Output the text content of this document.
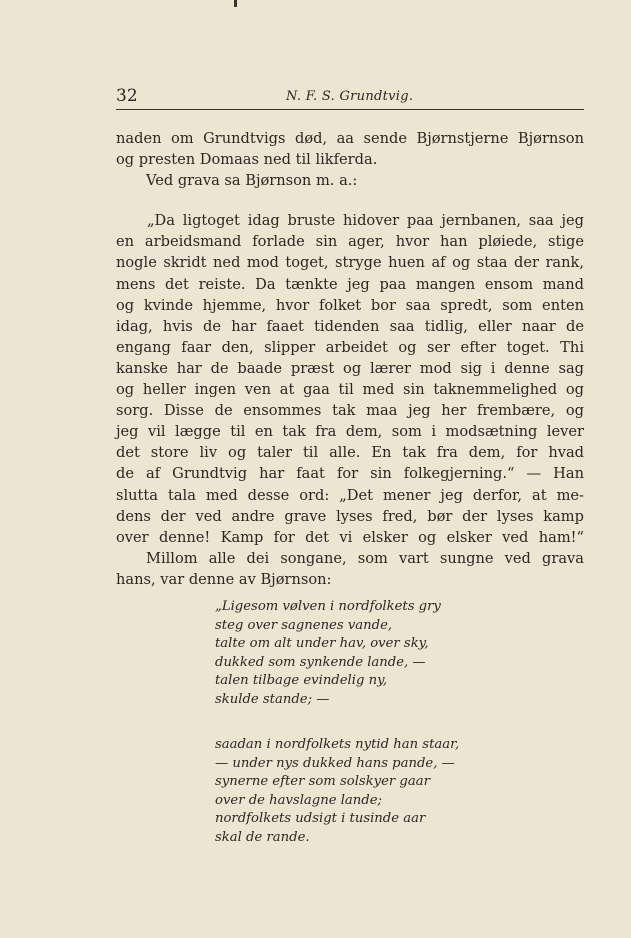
32	N. F. S. Grundtvig.
naden om Grundtvigs død, aa sende Bjørnstjerne Bjørnson
og presten Domaas ned til likferda.
Ved grava sa Bjørnson m. a.:
„Da ligtoget idag bruste hidover paa jernbanen, saa jeg
en arbeidsmand forlade sin ager, hvor han pløiede, stige
nogle skridt ned mod toget, stryge huen af og staa der rank,
mens det reiste. Da tænkte jeg paa mangen ensom mand
og kvinde hjemme, hvor folket bor saa spredt, som enten
idag, hvis de har faaet tidenden saa tidlig, eller naar de
engang faar den, slipper arbeidet og ser efter toget. Thi
kanske har de baade præst og lærer mod sig i denne sag
og heller ingen ven at gaa til med sin taknemmelighed og
sorg. Disse de ensommes tak maa jeg her frembære, og
jeg vil lægge til en tak fra dem, som i modsætning lever
det store liv og taler til alle. En tak fra dem, for hvad
de af Grundtvig har faat for sin folkegjerning.“ — Han
slutta tala med desse ord: „Det mener jeg derfor, at me-
dens der ved andre grave lyses fred, bør der lyses kamp
over denne! Kamp for det vi elsker og elsker ved ham!“
Millom alle dei songane, som vart sungne ved grava
hans, var denne av Bjørnson:
„Ligesom vølven i nordfolkets gry
steg over sagnenes vande,
talte om alt under hav, over sky,
dukked som synkende lande, —
talen tilbage evindelig ny,
skulde stande; —
saadan i nordfolkets nytid han staar,
— under nys dukked hans pande, —
synerne efter som solskyer gaar
over de havslagne lande;
nordfolkets udsigt i tusinde aar
skal de rande.
